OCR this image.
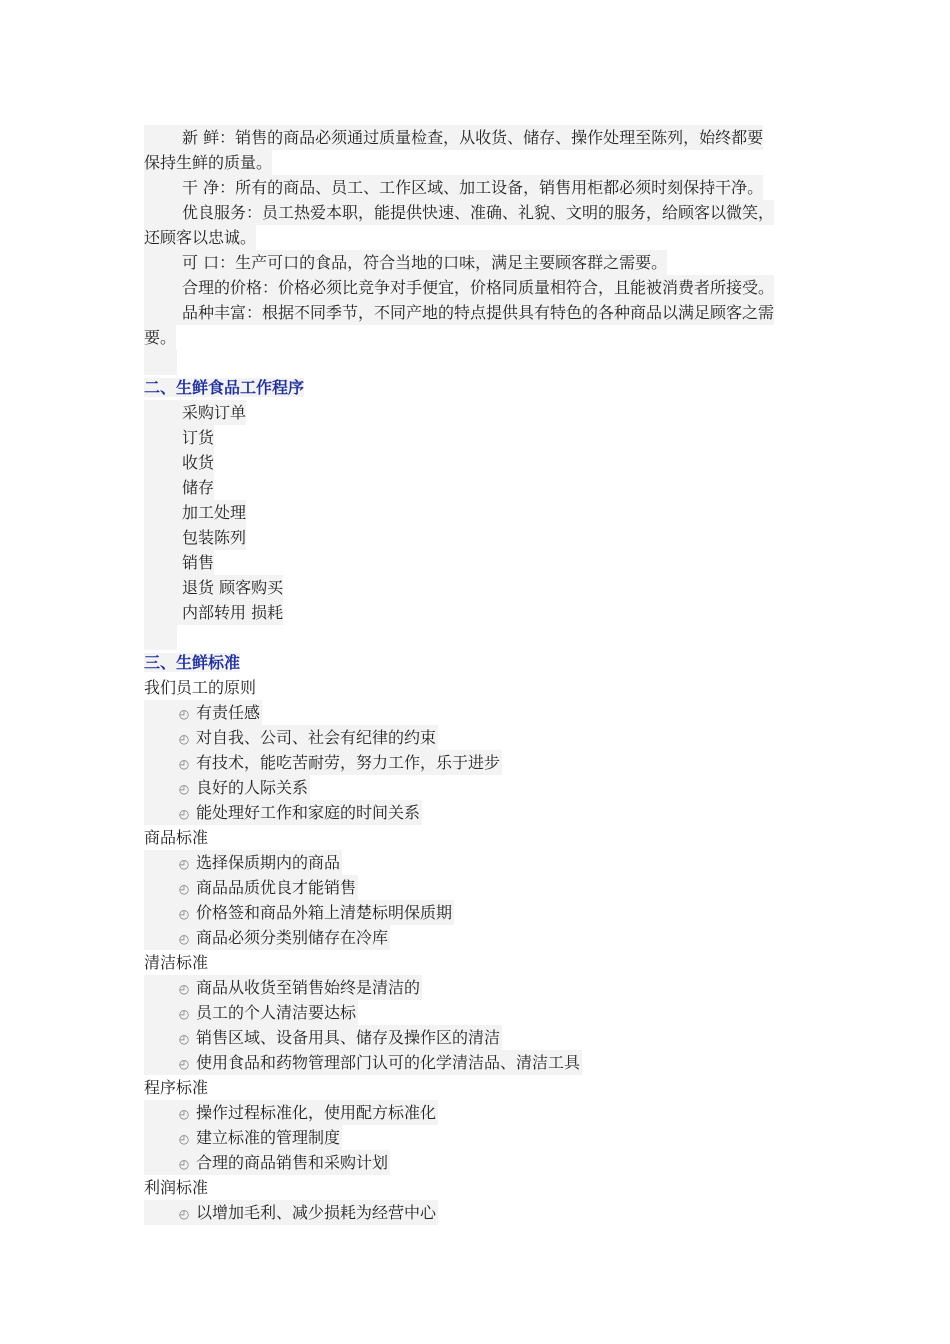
新 鲜：销售的商品必须通过质量检查，从收货、储存、操作处理至陈列，始终都要
保持生鲜的质量。
干 净：所有的商品、员工、工作区域、加工设备，销售用柜都必须时刻保持干净。
优良服务：员工热爱本职，能提供快速、准确、礼貌、文明的服务，给顾客以微笑，
还顾客以忠诚。
可 口：生产可口的食品，符合当地的口味，满足主要顾客群之需要。
合理的价格：价格必须比竞争对手便宜，价格同质量相符合，且能被消费者所接受。
品种丰富：根据不同季节，不同产地的特点提供具有特色的各种商品以满足顾客之需
要。
二、生鲜食品工作程序
采购订单
订货
收货
储存
加工处理
包装陈列
销售
退货 顾客购买
内部转用 损耗
三、生鲜标准
我们员工的原则
◴ 有责任感
◴ 对自我、公司、社会有纪律的约束
◴ 有技术，能吃苦耐劳，努力工作，乐于进步
◴ 良好的人际关系
◴ 能处理好工作和家庭的时间关系
商品标准
◴ 选择保质期内的商品
◴ 商品品质优良才能销售
◴ 价格签和商品外箱上清楚标明保质期
◴ 商品必须分类别储存在冷库
清洁标准
◴ 商品从收货至销售始终是清洁的
◴ 员工的个人清洁要达标
◴ 销售区域、设备用具、储存及操作区的清洁
◴ 使用食品和药物管理部门认可的化学清洁品、清洁工具
程序标准
◴ 操作过程标准化，使用配方标准化
◴ 建立标准的管理制度
◴ 合理的商品销售和采购计划
利润标准
◴ 以增加毛利、减少损耗为经营中心
